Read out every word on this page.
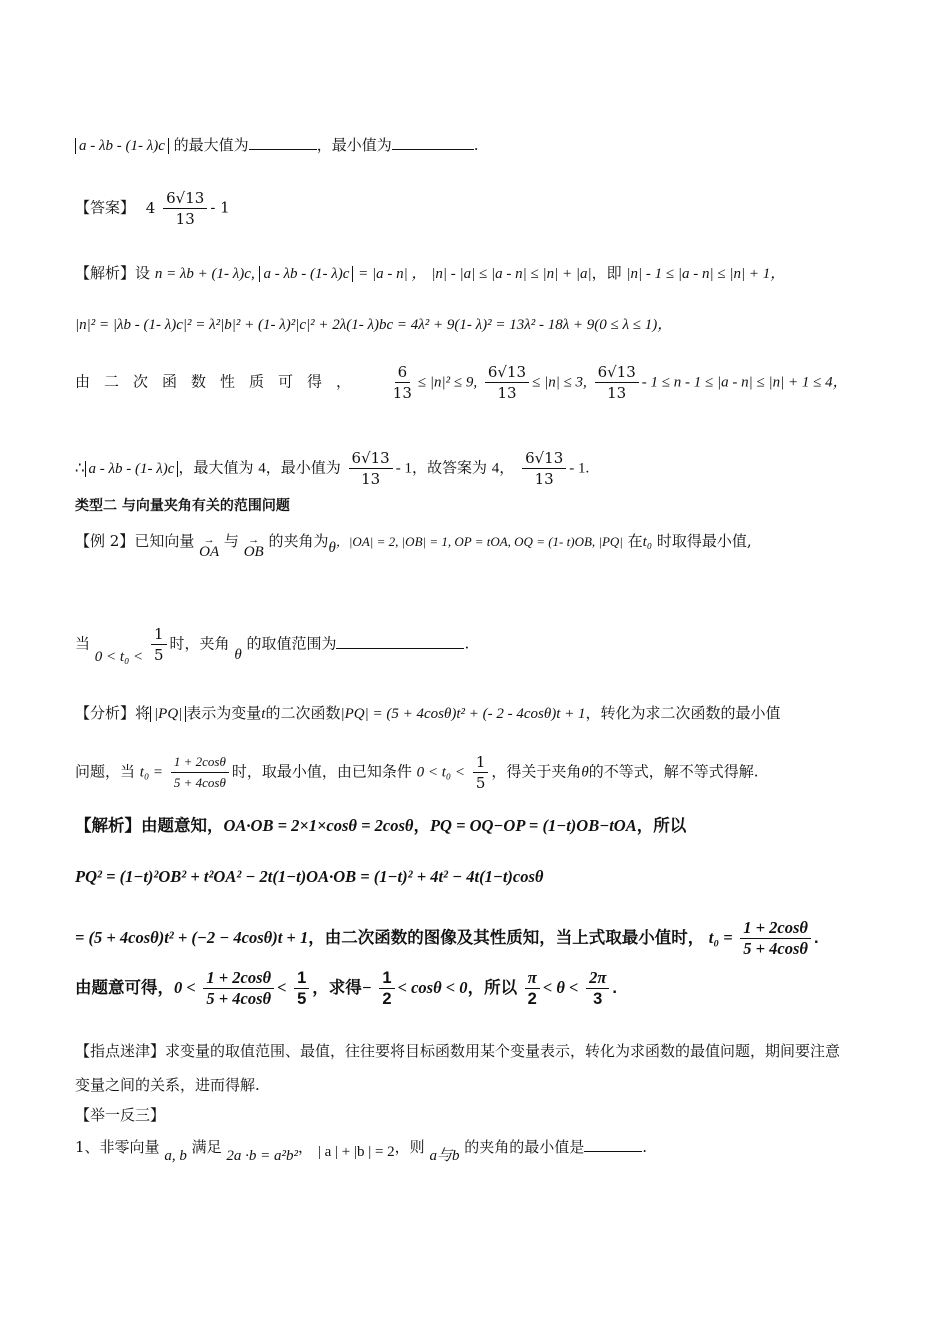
a - λb - (1- λ)c 的最大值为	，最小值为	.
【答案】 $4 \frac{6√13}{13} - 1$
【解析】设 n = λb + (1- λ)c, a - λb - (1- λ)c = |a - n| ， |n| - |a| ≤ |a - n| ≤ |n| + |a|，即 |n| - 1 ≤ |a - n| ≤ |n| + 1，
|n|² = |λb - (1- λ)c|² = λ²|b|² + (1- λ)²|c|² + 2λ(1- λ)bc = 4λ² + 9(1- λ)² = 13λ² - 18λ + 9(0 ≤ λ ≤ 1)，
由二次函数性质可得， $\frac{6}{13} \le |n|^2 \le 9$, $\frac{6√13}{13} \le |n| \le 3$, $\frac{6√13}{13} - 1 \le n - 1 \le |a - n| \le |n| + 1 \le 4$，
∴ a - λb - (1- λ)c ，最大值为 4，最小值为 $\frac{6√13}{13} - 1$，故答案为 4， $\frac{6√13}{13} - 1$.
类型二 与向量夹角有关的范围问题
【例 2】已知向量 → OA 与 → OB 的夹角为θ，|OA| = 2, |OB| = 1, OP = tOA, OQ = (1- t)OB, |PQ| 在t₀ 时取得最小值,
当 $0 < t_0 < \frac{1}{5}$ 时，夹角 θ 的取值范围为	.
【分析】将 |PQ| 表示为变量t的二次函数|PQ| = (5 + 4cosθ)t² + (- 2 - 4cosθ)t + 1，转化为求二次函数的最小值
问题，当 $t_0 = \frac{1 + 2\cos\theta}{5 + 4\cos\theta}$ 时，取最小值，由已知条件 $0 < t_0 < \frac{1}{5}$ ，得关于夹角θ的不等式，解不等式得解.
【解析】由题意知，OA·OB = 2×1×cosθ = 2cosθ，PQ = OQ−OP = (1−t)OB−tOA，所以
PQ² = (1−t)²OB² + t²OA² − 2t(1−t)OA·OB = (1−t)² + 4t² − 4t(1−t)cosθ
= (5 + 4cosθ)t² + (−2 − 4cosθ)t + 1，由二次函数的图像及其性质知，当上式取最小值时， $t_0 = \frac{1 + 2\cos\theta}{5 + 4\cos\theta}$ .
由题意可得，$0 < \frac{1 + 2\cos\theta}{5 + 4\cos\theta} < \frac{1}{5}$ ，求得− $\frac{1}{2} < \cos\theta < 0$，所以 $\frac{\pi}{2} < \theta < \frac{2\pi}{3}$ .
【指点迷津】求变量的取值范围、最值，往往要将目标函数用某个变量表示，转化为求函数的最值问题，期间要注意
变量之间的关系，进而得解.
【举一反三】
1、非零向量 a, b 满足 2a ·b = a²b²， | a | + |b | = 2，则 a与b 的夹角的最小值是	.
